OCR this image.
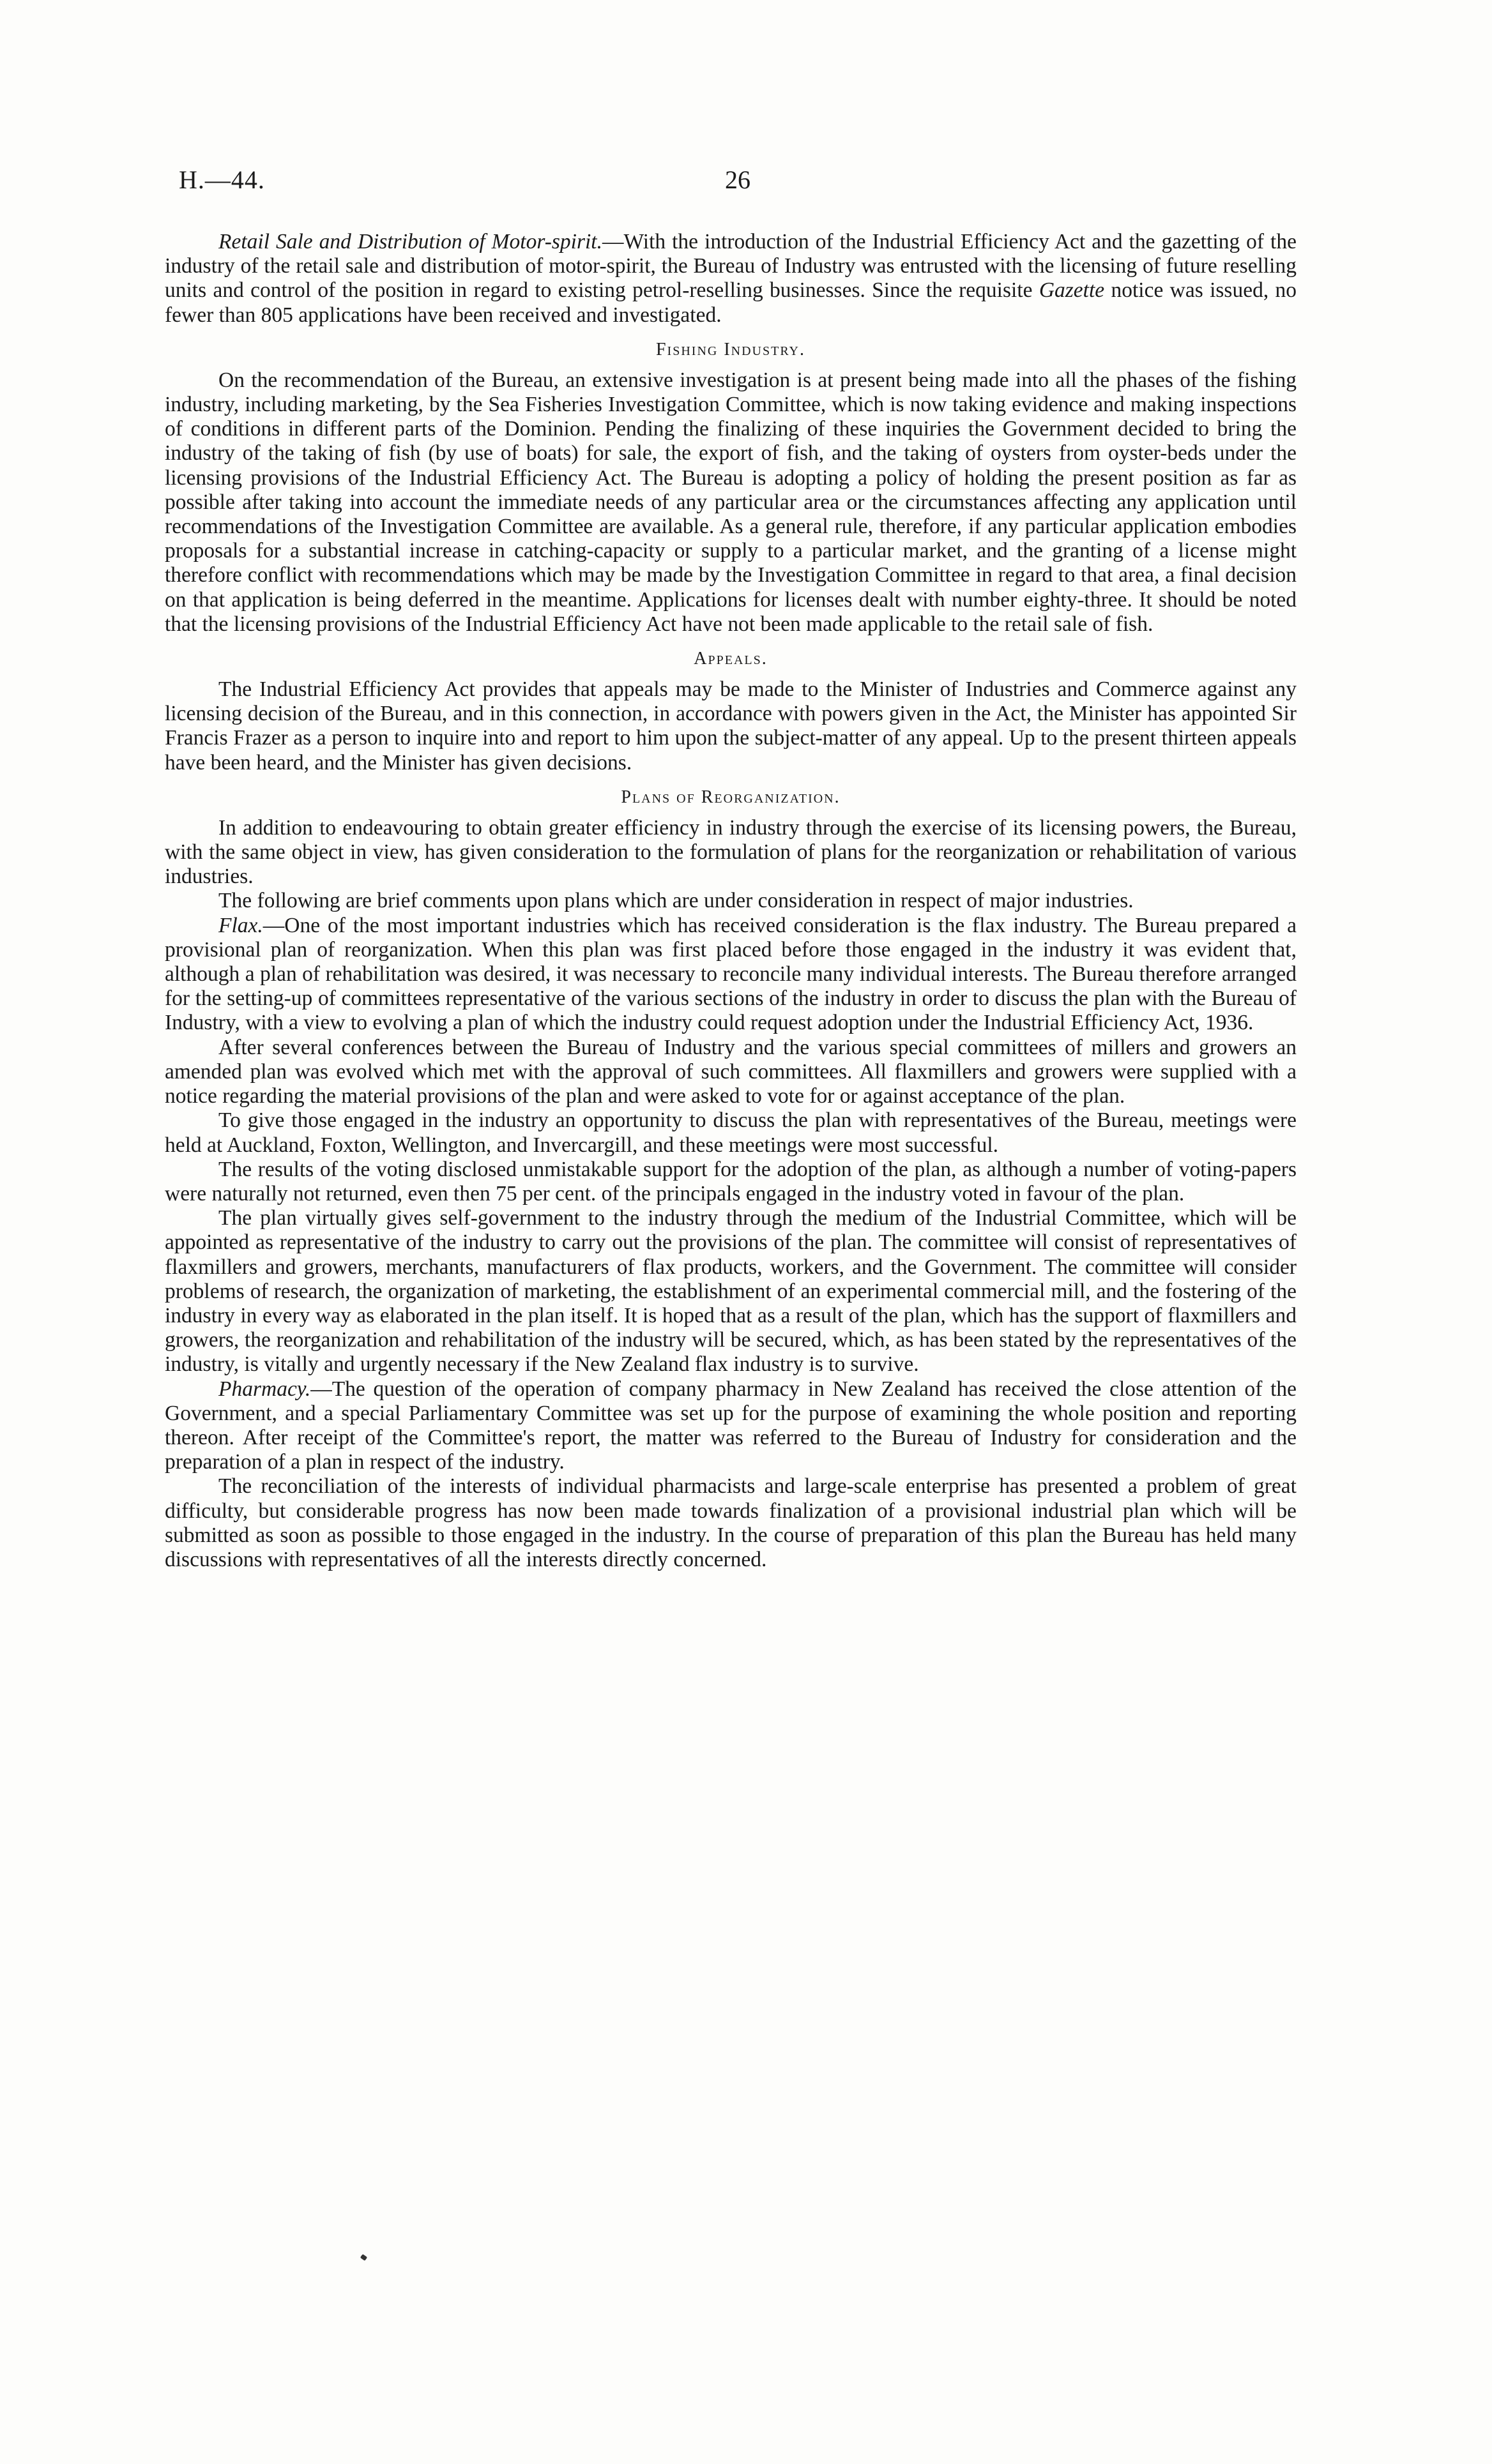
H.—44.	26

Retail Sale and Distribution of Motor-spirit.—With the introduction of the Industrial Efficiency Act and the gazetting of the industry of the retail sale and distribution of motor-spirit, the Bureau of Industry was entrusted with the licensing of future reselling units and control of the position in regard to existing petrol-reselling businesses. Since the requisite Gazette notice was issued, no fewer than 805 applications have been received and investigated.

Fishing Industry.

On the recommendation of the Bureau, an extensive investigation is at present being made into all the phases of the fishing industry, including marketing, by the Sea Fisheries Investigation Committee, which is now taking evidence and making inspections of conditions in different parts of the Dominion. Pending the finalizing of these inquiries the Government decided to bring the industry of the taking of fish (by use of boats) for sale, the export of fish, and the taking of oysters from oyster-beds under the licensing provisions of the Industrial Efficiency Act. The Bureau is adopting a policy of holding the present position as far as possible after taking into account the immediate needs of any particular area or the circumstances affecting any application until recommendations of the Investigation Committee are available. As a general rule, therefore, if any particular application embodies proposals for a substantial increase in catching-capacity or supply to a particular market, and the granting of a license might therefore conflict with recommendations which may be made by the Investigation Committee in regard to that area, a final decision on that application is being deferred in the meantime. Applications for licenses dealt with number eighty-three. It should be noted that the licensing provisions of the Industrial Efficiency Act have not been made applicable to the retail sale of fish.

Appeals.

The Industrial Efficiency Act provides that appeals may be made to the Minister of Industries and Commerce against any licensing decision of the Bureau, and in this connection, in accordance with powers given in the Act, the Minister has appointed Sir Francis Frazer as a person to inquire into and report to him upon the subject-matter of any appeal. Up to the present thirteen appeals have been heard, and the Minister has given decisions.

Plans of Reorganization.

In addition to endeavouring to obtain greater efficiency in industry through the exercise of its licensing powers, the Bureau, with the same object in view, has given consideration to the formulation of plans for the reorganization or rehabilitation of various industries.

The following are brief comments upon plans which are under consideration in respect of major industries.

Flax.—One of the most important industries which has received consideration is the flax industry. The Bureau prepared a provisional plan of reorganization. When this plan was first placed before those engaged in the industry it was evident that, although a plan of rehabilitation was desired, it was necessary to reconcile many individual interests. The Bureau therefore arranged for the setting-up of committees representative of the various sections of the industry in order to discuss the plan with the Bureau of Industry, with a view to evolving a plan of which the industry could request adoption under the Industrial Efficiency Act, 1936.

After several conferences between the Bureau of Industry and the various special committees of millers and growers an amended plan was evolved which met with the approval of such committees. All flaxmillers and growers were supplied with a notice regarding the material provisions of the plan and were asked to vote for or against acceptance of the plan.

To give those engaged in the industry an opportunity to discuss the plan with representatives of the Bureau, meetings were held at Auckland, Foxton, Wellington, and Invercargill, and these meetings were most successful.

The results of the voting disclosed unmistakable support for the adoption of the plan, as although a number of voting-papers were naturally not returned, even then 75 per cent. of the principals engaged in the industry voted in favour of the plan.

The plan virtually gives self-government to the industry through the medium of the Industrial Committee, which will be appointed as representative of the industry to carry out the provisions of the plan. The committee will consist of representatives of flaxmillers and growers, merchants, manufacturers of flax products, workers, and the Government. The committee will consider problems of research, the organization of marketing, the establishment of an experimental commercial mill, and the fostering of the industry in every way as elaborated in the plan itself. It is hoped that as a result of the plan, which has the support of flaxmillers and growers, the reorganization and rehabilitation of the industry will be secured, which, as has been stated by the representatives of the industry, is vitally and urgently necessary if the New Zealand flax industry is to survive.

Pharmacy.—The question of the operation of company pharmacy in New Zealand has received the close attention of the Government, and a special Parliamentary Committee was set up for the purpose of examining the whole position and reporting thereon. After receipt of the Committee's report, the matter was referred to the Bureau of Industry for consideration and the preparation of a plan in respect of the industry.

The reconciliation of the interests of individual pharmacists and large-scale enterprise has presented a problem of great difficulty, but considerable progress has now been made towards finalization of a provisional industrial plan which will be submitted as soon as possible to those engaged in the industry. In the course of preparation of this plan the Bureau has held many discussions with representatives of all the interests directly concerned.
